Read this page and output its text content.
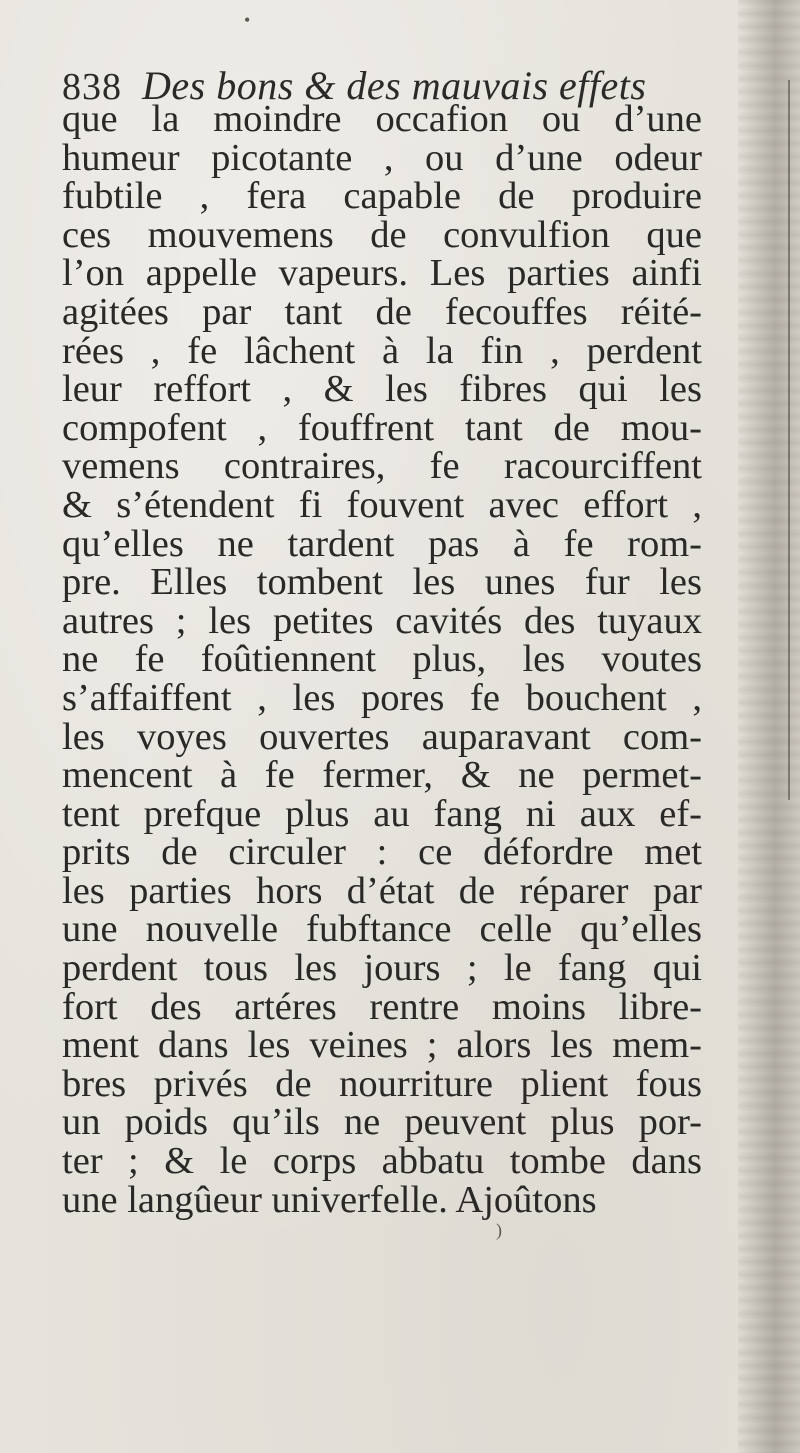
838 Des bons & des mauvais effets
que la moindre occafion ou d’une
humeur picotante , ou d’une odeur
fubtile , fera capable de produire
ces mouvemens de convulfion que
l’on appelle vapeurs. Les parties ainfi
agitées par tant de fecouffes réité-
rées , fe lâchent à la fin , perdent
leur reffort , & les fibres qui les
compofent , fouffrent tant de mou-
vemens contraires, fe racourciffent
& s’étendent fi fouvent avec effort ,
qu’elles ne tardent pas à fe rom-
pre. Elles tombent les unes fur les
autres ; les petites cavités des tuyaux
ne fe foûtiennent plus, les voutes
s’affaiffent , les pores fe bouchent ,
les voyes ouvertes auparavant com-
mencent à fe fermer, & ne permet-
tent prefque plus au fang ni aux ef-
prits de circuler : ce défordre met
les parties hors d’état de réparer par
une nouvelle fubftance celle qu’elles
perdent tous les jours ; le fang qui
fort des artéres rentre moins libre-
ment dans les veines ; alors les mem-
bres privés de nourriture plient fous
un poids qu’ils ne peuvent plus por-
ter ; & le corps abbatu tombe dans
une langûeur univerfelle. Ajoûtons
•
)
